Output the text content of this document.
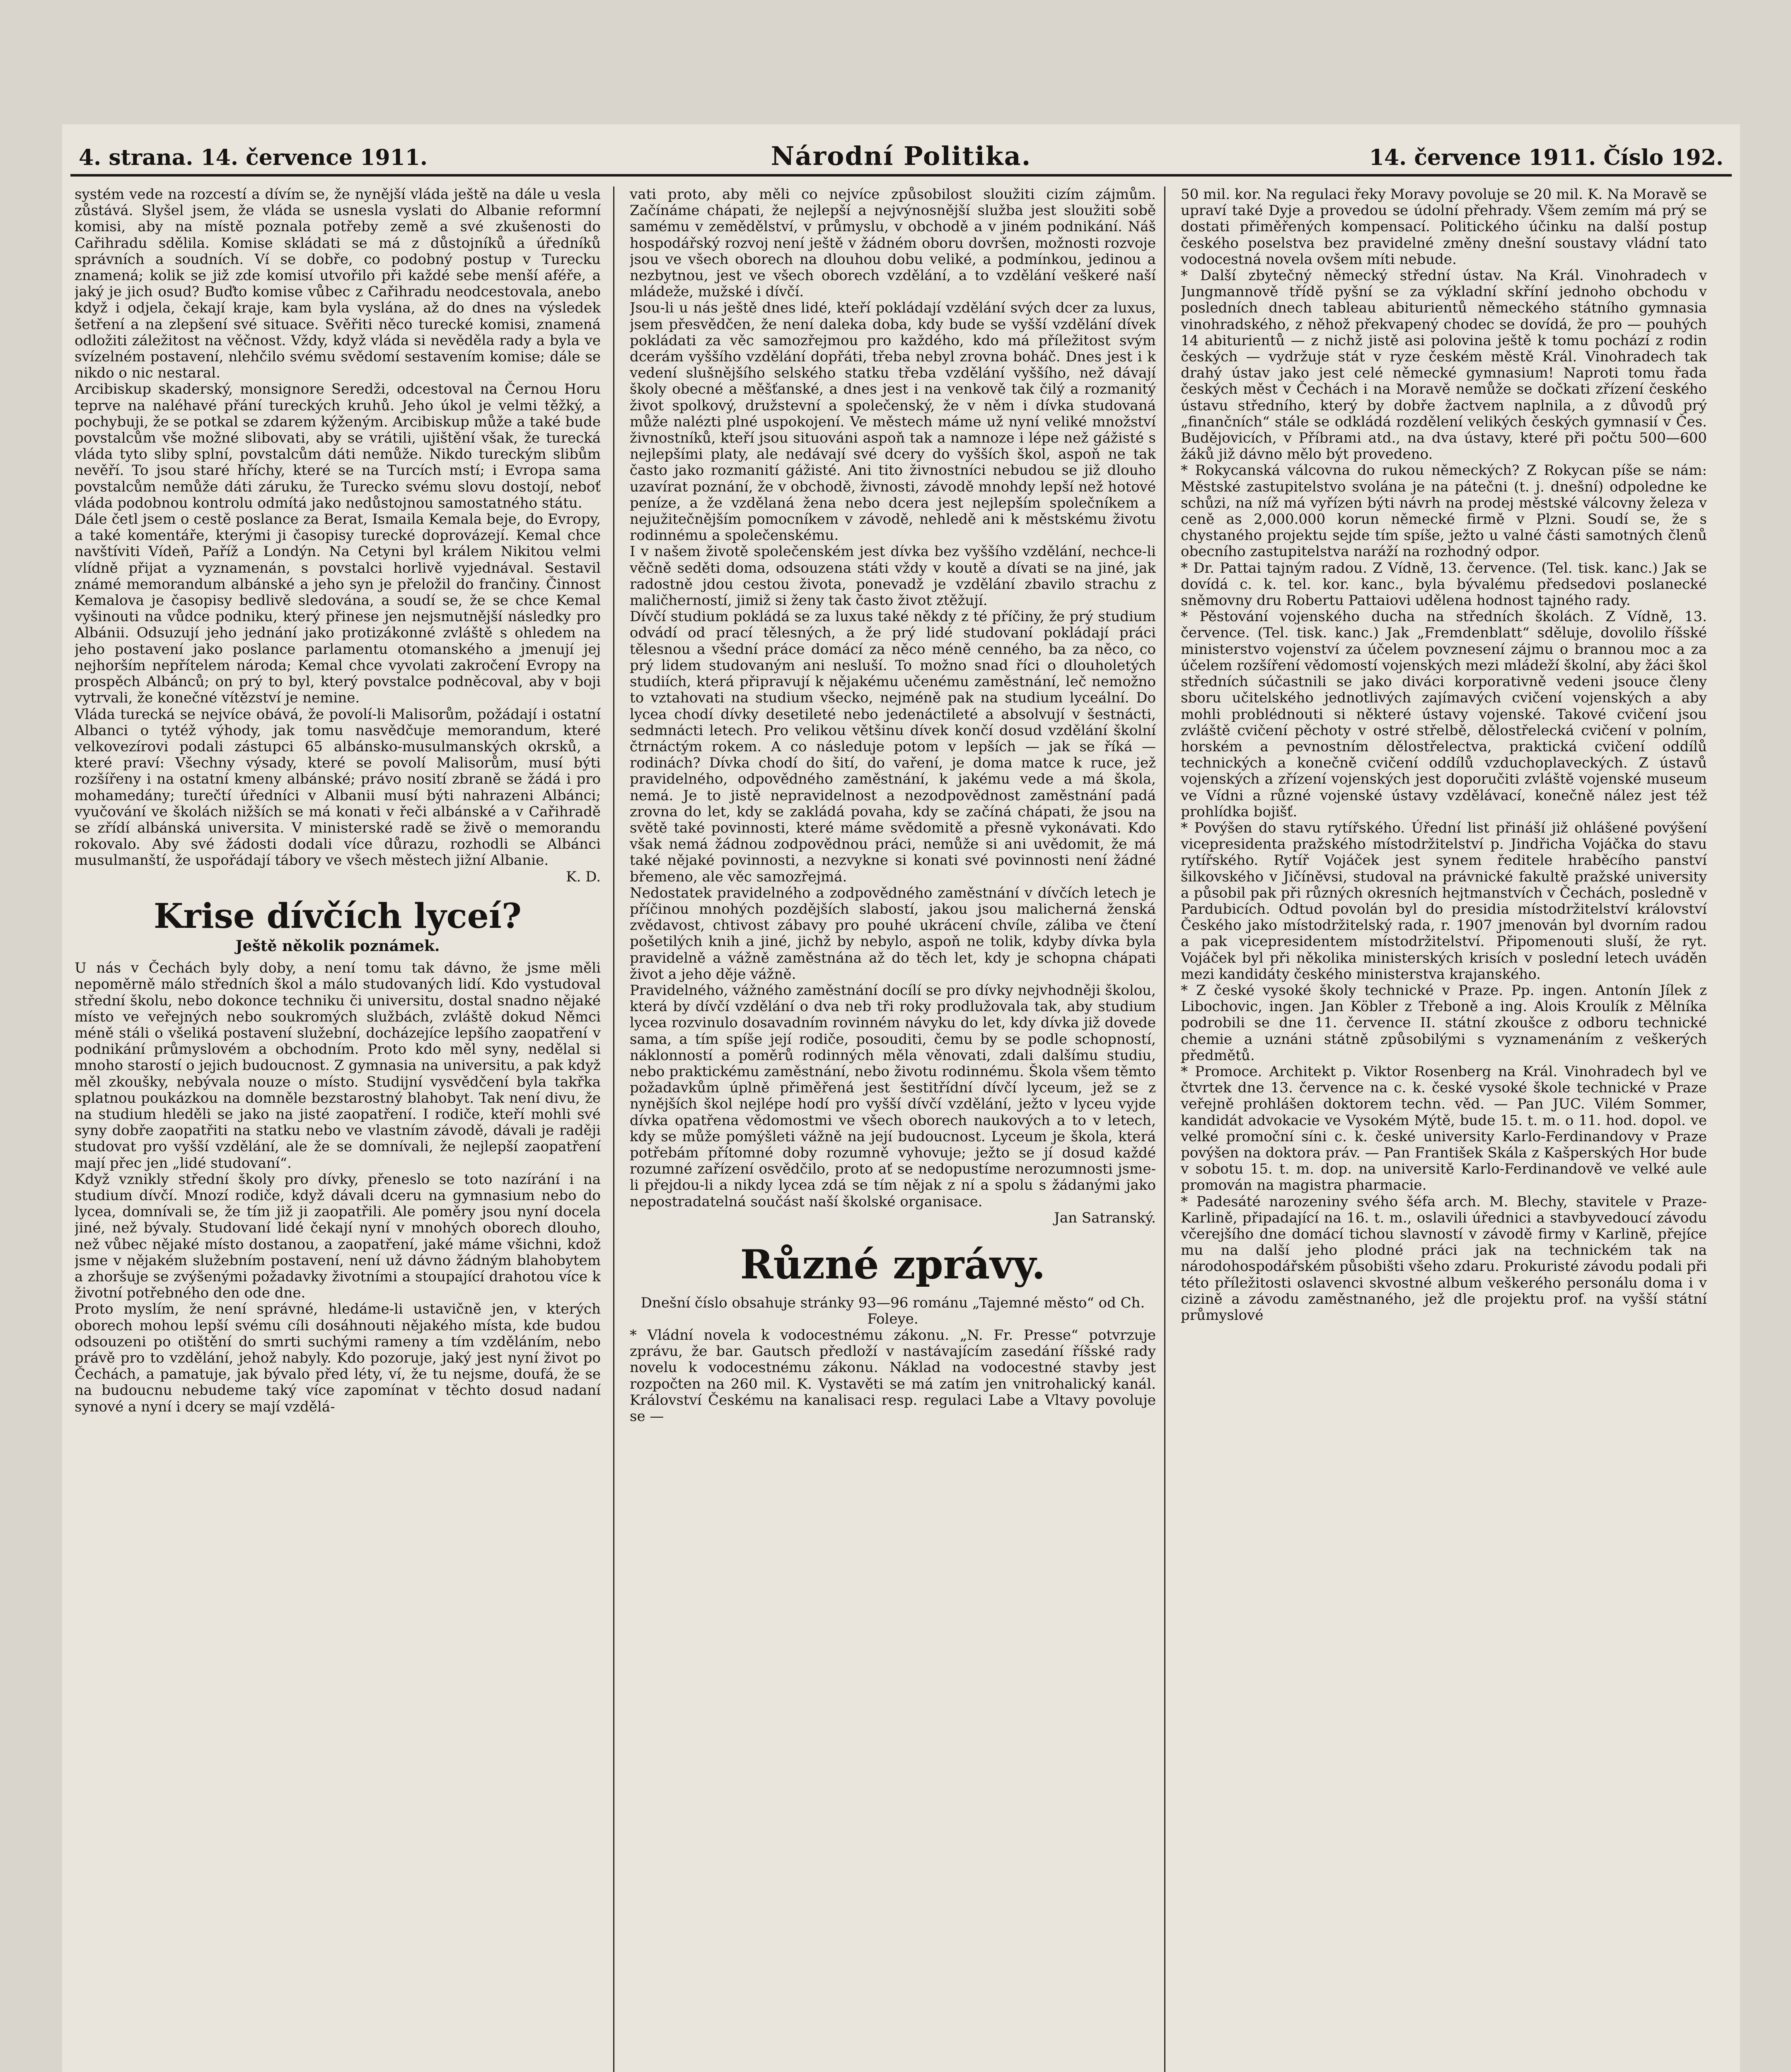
4. strana. 14. července 1911.	Národní Politika.	14. července 1911. Číslo 192.

systém vede na rozcestí a dívím se, že nynější vláda ještě na dále u vesla zůstává. Slyšel jsem, že vláda se usnesla vyslati do Albanie reformní komisi, aby na místě poznala potřeby země a své zkušenosti do Cařihradu sdělila. Komise skládati se má z důstojníků a úředníků správních a soudních. Ví se dobře, co podobný postup v Turecku znamená; kolik se již zde komisí utvořilo při každé sebe menší aféře, a jaký je jich osud? Buďto komise vůbec z Cařihradu neodcestovala, anebo když i odjela, čekají kraje, kam byla vyslána, až do dnes na výsledek šetření a na zlepšení své situace. Svěřiti něco turecké komisi, znamená odložiti záležitost na věčnost. Vždy, když vláda si nevěděla rady a byla ve svízelném postavení, nlehčilo svému svědomí sestavením komise; dále se nikdo o nic nestaral.

Arcibiskup skaderský, monsignore Seredži, odcestoval na Černou Horu teprve na naléhavé přání tureckých kruhů. Jeho úkol je velmi těžký, a pochybuji, že se potkal se zdarem kýženým. Arcibiskup může a také bude povstalcům vše možné slibovati, aby se vrátili, ujištění však, že turecká vláda tyto sliby splní, povstalcům dáti nemůže. Nikdo tureckým slibům nevěří. To jsou staré hříchy, které se na Turcích mstí; i Evropa sama povstalcům nemůže dáti záruku, že Turecko svému slovu dostojí, neboť vláda podobnou kontrolu odmítá jako nedůstojnou samostatného státu.

Dále četl jsem o cestě poslance za Berat, Ismaila Kemala beje, do Evropy, a také komentáře, kterými ji časopisy turecké doprovázejí. Kemal chce navštíviti Vídeň, Paříž a Londýn. Na Cetyni byl králem Nikitou velmi vlídně přijat a vyznamenán, s povstalci horlivě vyjednával. Sestavil známé memorandum albánské a jeho syn je přeložil do frančiny. Činnost Kemalova je časopisy bedlivě sledována, a soudí se, že se chce Kemal vyšinouti na vůdce podniku, který přinese jen nejsmutnější následky pro Albánii. Odsuzují jeho jednání jako protizákonné zvláště s ohledem na jeho postavení jako poslance parlamentu otomanského a jmenují jej nejhorším nepřítelem národa; Kemal chce vyvolati zakročení Evropy na prospěch Albánců; on prý to byl, který povstalce podněcoval, aby v boji vytrvali, že konečné vítězství je nemine.

Vláda turecká se nejvíce obává, že povolí-li Malisorům, požádají i ostatní Albanci o tytéž výhody, jak tomu nasvědčuje memorandum, které velkovezírovi podali zástupci 65 albánsko-musulmanských okrsků, a které praví: Všechny výsady, které se povolí Malisorům, musí býti rozšířeny i na ostatní kmeny albánské; právo nosití zbraně se žádá i pro mohamedány; turečtí úředníci v Albanii musí býti nahrazeni Albánci; vyučování ve školách nižších se má konati v řeči albánské a v Cařihradě se zřídí albánská universita. V ministerské radě se živě o memorandu rokovalo. Aby své žádosti dodali více důrazu, rozhodli se Albánci musulmanští, že uspořádají tábory ve všech městech jižní Albanie.

K. D.

Krise dívčích lyceí?
Ještě několik poznámek.

U nás v Čechách byly doby, a není tomu tak dávno, že jsme měli nepoměrně málo středních škol a málo studovaných lidí. Kdo vystudoval střední školu, nebo dokonce techniku či universitu, dostal snadno nějaké místo ve veřejných nebo soukromých službách, zvláště dokud Němci méně stáli o všeliká postavení služební, docházejíce lepšího zaopatření v podnikání průmyslovém a obchodním. Proto kdo měl syny, nedělal si mnoho starostí o jejich budoucnost. Z gymnasia na universitu, a pak když měl zkoušky, nebývala nouze o místo. Studijní vysvědčení byla takřka splatnou poukázkou na domněle bezstarostný blahobyt. Tak není divu, že na studium hleděli se jako na jisté zaopatření. I rodiče, kteří mohli své syny dobře zaopatřiti na statku nebo ve vlastním závodě, dávali je raději studovat pro vyšší vzdělání, ale že se domnívali, že nejlepší zaopatření mají přec jen „lidé studovaní“.

Když vznikly střední školy pro dívky, přeneslo se toto nazírání i na studium dívčí. Mnozí rodiče, když dávali dceru na gymnasium nebo do lycea, domnívali se, že tím již ji zaopatřili. Ale poměry jsou nyní docela jiné, než bývaly. Studovaní lidé čekají nyní v mnohých oborech dlouho, než vůbec nějaké místo dostanou, a zaopatření, jaké máme všichni, kdož jsme v nějakém služebním postavení, není už dávno žádným blahobytem a zhoršuje se zvýšenými požadavky životními a stoupající drahotou více k životní potřebného den ode dne.

Proto myslím, že není správné, hledáme-li ustavičně jen, v kterých oborech mohou lepší svému cíli dosáhnouti nějakého místa, kde budou odsouzeni po otištění do smrti suchými rameny a tím vzděláním, nebo právě pro to vzdělání, jehož nabyly. Kdo pozoruje, jaký jest nyní život po Čechách, a pamatuje, jak bývalo před léty, ví, že tu nejsme, doufá, že se na budoucnu nebudeme taký více zapomínat v těchto dosud nadaní synové a nyní i dcery se mají vzdělá-

vati proto, aby měli co nejvíce způsobilost sloužiti cizím zájmům. Začínáme chápati, že nejlepší a nejvýnosnější služba jest sloužiti sobě samému v zemědělství, v průmyslu, v obchodě a v jiném podnikání. Náš hospodářský rozvoj není ještě v žádném oboru dovršen, možnosti rozvoje jsou ve všech oborech na dlouhou dobu veliké, a podmínkou, jedinou a nezbytnou, jest ve všech oborech vzdělání, a to vzdělání veškeré naší mládeže, mužské i dívčí.

Jsou-li u nás ještě dnes lidé, kteří pokládají vzdělání svých dcer za luxus, jsem přesvědčen, že není daleka doba, kdy bude se vyšší vzdělání dívek pokládati za věc samozřejmou pro každého, kdo má příležitost svým dcerám vyššího vzdělání dopřáti, třeba nebyl zrovna boháč. Dnes jest i k vedení slušnějšího selského statku třeba vzdělání vyššího, než dávají školy obecné a měšťanské, a dnes jest i na venkově tak čilý a rozmanitý život spolkový, družstevní a společenský, že v něm i dívka studovaná může nalézti plné uspokojení. Ve městech máme už nyní veliké množství živnostníků, kteří jsou situováni aspoň tak a namnoze i lépe než gážisté s nejlepšími platy, ale nedávají své dcery do vyšších škol, aspoň ne tak často jako rozmanití gážisté. Ani tito živnostníci nebudou se již dlouho uzavírat poznání, že v obchodě, živnosti, závodě mnohdy lepší než hotové peníze, a že vzdělaná žena nebo dcera jest nejlepším společníkem a nejužitečnějším pomocníkem v závodě, nehledě ani k městskému životu rodinnému a společenskému.

I v našem životě společenském jest dívka bez vyššího vzdělání, nechce-li věčně seděti doma, odsouzena státi vždy v koutě a dívati se na jiné, jak radostně jdou cestou života, ponevadž je vzdělání zbavilo strachu z maličherností, jimiž si ženy tak často život ztěžují.

Dívčí studium pokládá se za luxus také někdy z té příčiny, že prý studium odvádí od prací tělesných, a že prý lidé studovaní pokládají práci tělesnou a všední práce domácí za něco méně cenného, ba za něco, co prý lidem studovaným ani nesluší. To možno snad říci o dlouholetých studiích, která připravují k nějakému učenému zaměstnání, leč nemožno to vztahovati na studium všecko, nejméně pak na studium lyceální. Do lycea chodí dívky desetileté nebo jedenáctileté a absolvují v šestnácti, sedmnácti letech. Pro velikou většinu dívek končí dosud vzdělání školní čtrnáctým rokem. A co následuje potom v lepších — jak se říká — rodinách? Dívka chodí do šití, do vaření, je doma matce k ruce, jež pravidelného, odpovědného zaměstnání, k jakému vede a má škola, nemá. Je to jistě nepravidelnost a nezodpovědnost zaměstnání padá zrovna do let, kdy se zakládá povaha, kdy se začíná chápati, že jsou na světě také povinnosti, které máme svědomitě a přesně vykonávati. Kdo však nemá žádnou zodpovědnou práci, nemůže si ani uvědomit, že má také nějaké povinnosti, a nezvykne si konati své povinnosti není žádné břemeno, ale věc samozřejmá.

Nedostatek pravidelného a zodpovědného zaměstnání v dívčích letech je příčinou mnohých pozdějších slabostí, jakou jsou malicherná ženská zvědavost, chtivost zábavy pro pouhé ukrácení chvíle, záliba ve čtení pošetilých knih a jiné, jichž by nebylo, aspoň ne tolik, kdyby dívka byla pravidelně a vážně zaměstnána až do těch let, kdy je schopna chápati život a jeho dějе vážně.

Pravidelného, vážného zaměstnání docílí se pro dívky nejvhodněji školou, která by dívčí vzdělání o dva neb tři roky prodlužovala tak, aby studium lycea rozvinulo dosavadním rovinném návyku do let, kdy dívka již dovede sama, a tím spíše její rodiče, posouditi, čemu by se podle schopností, náklonností a poměrů rodinných měla věnovati, zdali dalšímu studiu, nebo praktickému zaměstnání, nebo životu rodinnému. Škola všem těmto požadavkům úplně přiměřená jest šestitřídní dívčí lyceum, jež se z nynějších škol nejlépe hodí pro vyšší dívčí vzdělání, ježto v lyceu vyjde dívka opatřena vědomostmi ve všech oborech naukových a to v letech, kdy se může pomýšleti vážně na její budoucnost. Lyceum je škola, která potřebám přítomné doby rozumně vyhovuje; ježto se jí dosud každé rozumné zařízení osvědčilo, proto ať se nedopustíme nerozumnosti jsme-li přejdou-li a nikdy lycea zdá se tím nějak z ní a spolu s žádanými jako nepostradatelná součást naší školské organisace.

Jan Satranský.

Různé zprávy.

Dnešní číslo obsahuje stránky 93—96 románu „Tajemné město“ od Ch. Foleye.

* Vládní novela k vodocestnému zákonu. „N. Fr. Presse“ potvrzuje zprávu, že bar. Gautsch předloží v nastávajícím zasedání říšské rady novelu k vodocestnému zákonu. Náklad na vodocestné stavby jest rozpočten na 260 mil. K. Vystavěti se má zatím jen vnitrohalický kanál. Království Českému na kanalisaci resp. regulaci Labe a Vltavy povoluje se —

50 mil. kor. Na regulaci řeky Moravy povoluje se 20 mil. K. Na Moravě se upraví také Dyje a provedou se údolní přehrady. Všem zemím má prý se dostati přiměřených kompensací. Politického účinku na další postup českého poselstva bez pravidelné změny dnešní soustavy vládní tato vodocestná novela ovšem míti nebude.

* Další zbytečný německý střední ústav. Na Král. Vinohradech v Jungmannově třídě pyšní se za výkladní skříní jednoho obchodu v posledních dnech tableau abiturientů německého státního gymnasia vinohradského, z něhož překvapený chodec se dovídá, že pro — pouhých 14 abiturientů — z nichž jistě asi polovina ještě k tomu pochází z rodin českých — vydržuje stát v ryze českém městě Král. Vinohradech tak drahý ústav jako jest celé německé gymnasium! Naproti tomu řada českých měst v Čechách i na Moravě nemůže se dočkati zřízení českého ústavu středního, který by dobře žactvem naplnila, a z důvodů prý „finančních“ stále se odkládá rozdělení velikých českých gymnasií v Čes. Budějovicích, v Příbrami atd., na dva ústavy, které při počtu 500—600 žáků již dávno mělo být provedeno.

* Rokycanská válcovna do rukou německých? Z Rokycan píše se nám: Městské zastupitelstvo svolána je na pátečni (t. j. dnešní) odpoledne ke schůzi, na níž má vyřízen býti návrh na prodej městské válcovny železa v ceně as 2,000.000 korun německé firmě v Plzni. Soudí se, že s chystaného projektu sejde tím spíše, ježto u valné části samotných členů obecního zastupitelstva naráží na rozhodný odpor.

* Dr. Pattai tajným radou. Z Vídně, 13. července. (Tel. tisk. kanc.) Jak se dovídá c. k. tel. kor. kanc., byla bývalému předsedovi poslanecké sněmovny dru Robertu Pattaiovi udělena hodnost tajného rady.

* Pěstování vojenského ducha na středních školách. Z Vídně, 13. července. (Tel. tisk. kanc.) Jak „Fremdenblatt“ sděluje, dovolilo říšské ministerstvo vojenství za účelem povznesení zájmu o brannou moc a za účelem rozšíření vědomostí vojenských mezi mládeží školní, aby žáci škol středních súčastnili se jako diváci korporativně vedeni jsouce členy sboru učitelského jednotlivých zajímavých cvičení vojenských a aby mohli problédnouti si některé ústavy vojenské. Takové cvičení jsou zvláště cvičení pěchoty v ostré střelbě, dělostřelecká cvičení v polním, horském a pevnostním dělostřelectva, praktická cvičení oddílů technických a konečně cvičení oddílů vzduchoplaveckých. Z ústavů vojenských a zřízení vojenských jest doporučiti zvláště vojenské museum ve Vídni a různé vojenské ústavy vzdělávací, konečně nález jest též prohlídka bojišť.

* Povýšen do stavu rytířského. Úřední list přináší již ohlášené povýšení vicepresidenta pražského místodržitelství p. Jindřicha Vojáčka do stavu rytířského. Rytíř Vojáček jest synem ředitele hraběcího panství šilkovského v Jičíněvsi, studoval na právnické fakultě pražské university a působil pak při různých okresních hejtmanstvích v Čechách, posledně v Pardubicích. Odtud povolán byl do presidia místodržitelství království Českého jako místodržitelský rada, r. 1907 jmenován byl dvorním radou a pak vicepresidentem místodržitelství. Připomenouti sluší, že ryt. Vojáček byl při několika ministerských krisích v poslední letech uváděn mezi kandidáty českého ministerstva krajanského.

* Z české vysoké školy technické v Praze. Pp. ingen. Antonín Jílek z Libochovic, ingen. Jan Köbler z Třeboně a ing. Alois Kroulík z Mělníka podrobili se dne 11. července II. státní zkoušce z odboru technické chemie a uznáni státně způsobilými s vyznamenáním z veškerých předmětů.

* Promoce. Architekt p. Viktor Rosenberg na Král. Vinohradech byl ve čtvrtek dne 13. července na c. k. české vysoké škole technické v Praze veřejně prohlášen doktorem techn. věd. — Pan JUC. Vilém Sommer, kandidát advokacie ve Vysokém Mýtě, bude 15. t. m. o 11. hod. dopol. ve velké promoční síni c. k. české university Karlo-Ferdinandovy v Praze povýšen na doktora práv. — Pan František Skála z Kašperských Hor bude v sobotu 15. t. m. dop. na universitě Karlo-Ferdinandově ve velké aule promován na magistra pharmacie.

* Padesáté narozeniny svého šéfa arch. M. Blechy, stavitele v Praze-Karlině, připadající na 16. t. m., oslavili úřednici a stavbyvedoucí závodu včerejšího dne domácí tichou slavností v závodě firmy v Karlině, přejíce mu na další jeho plodné práci jak na technickém tak na národohospodářském působišti všeho zdaru. Prokuristé závodu podali při této příležitosti oslavenci skvostné album veškerého personálu doma i v cizině a závodu zaměstnaného, jež dle projektu prof. na vyšší státní průmyslové
